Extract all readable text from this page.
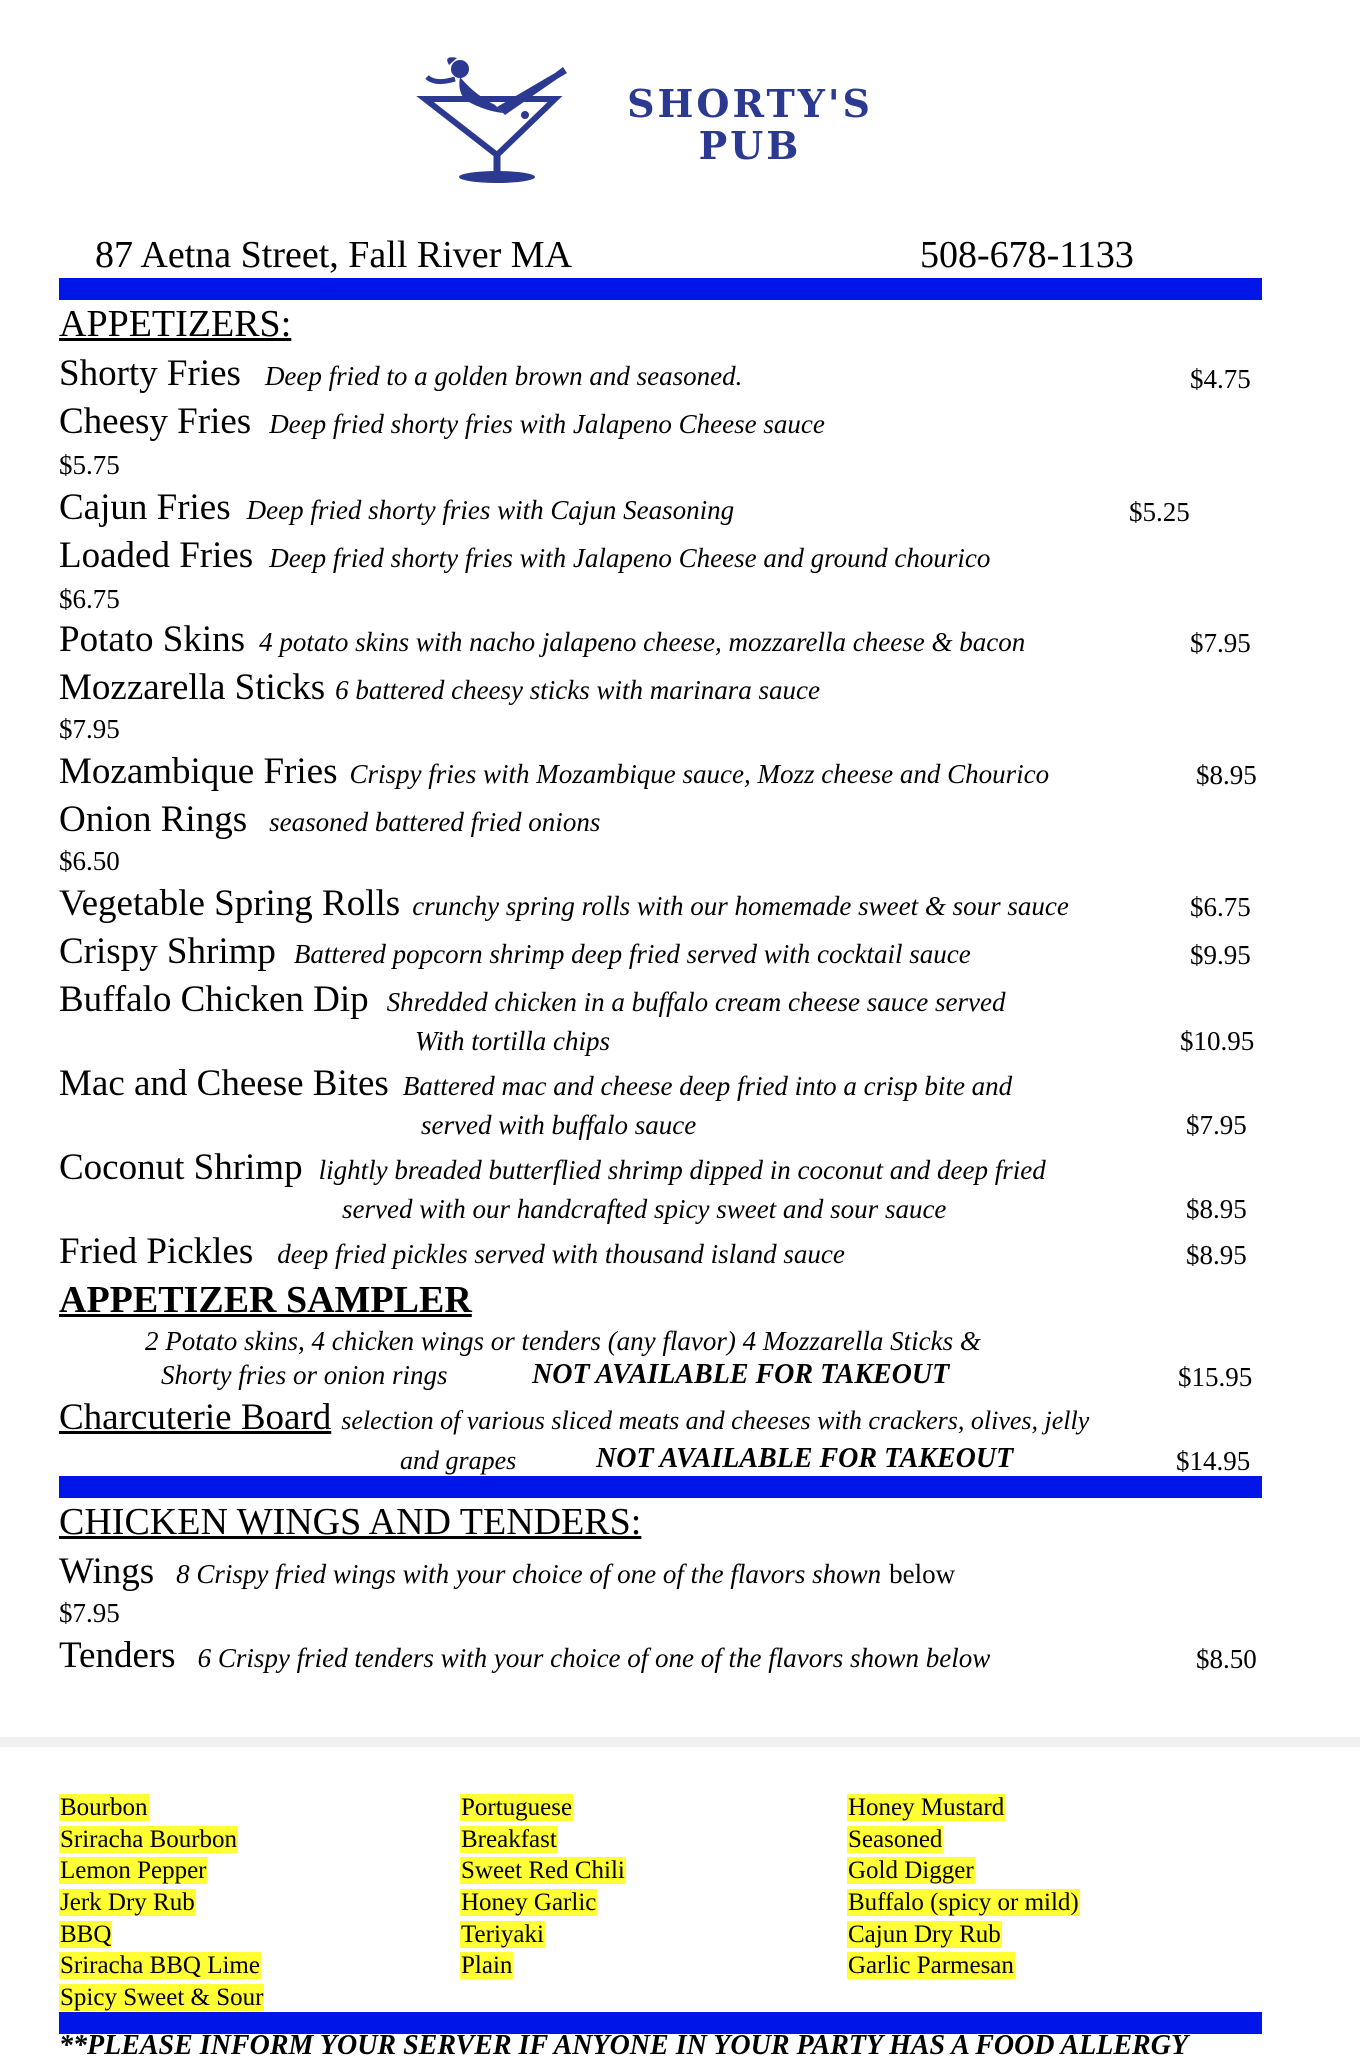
SHORTY'S
PUB
87 Aetna Street, Fall River MA	508-678-1133
APPETIZERS:
Shorty Fries Deep fried to a golden brown and seasoned.	$4.75
Cheesy Fries Deep fried shorty fries with Jalapeno Cheese sauce
$5.75
Cajun Fries Deep fried shorty fries with Cajun Seasoning	$5.25
Loaded Fries Deep fried shorty fries with Jalapeno Cheese and ground chourico
$6.75
Potato Skins 4 potato skins with nacho jalapeno cheese, mozzarella cheese & bacon	$7.95
Mozzarella Sticks 6 battered cheesy sticks with marinara sauce
$7.95
Mozambique Fries Crispy fries with Mozambique sauce, Mozz cheese and Chourico	$8.95
Onion Rings seasoned battered fried onions
$6.50
Vegetable Spring Rolls crunchy spring rolls with our homemade sweet & sour sauce	$6.75
Crispy Shrimp Battered popcorn shrimp deep fried served with cocktail sauce	$9.95
Buffalo Chicken Dip Shredded chicken in a buffalo cream cheese sauce served
With tortilla chips	$10.95
Mac and Cheese Bites Battered mac and cheese deep fried into a crisp bite and
served with buffalo sauce	$7.95
Coconut Shrimp lightly breaded butterflied shrimp dipped in coconut and deep fried
served with our handcrafted spicy sweet and sour sauce	$8.95
Fried Pickles deep fried pickles served with thousand island sauce	$8.95
APPETIZER SAMPLER
2 Potato skins, 4 chicken wings or tenders (any flavor) 4 Mozzarella Sticks &
Shorty fries or onion rings	NOT AVAILABLE FOR TAKEOUT	$15.95
Charcuterie Board selection of various sliced meats and cheeses with crackers, olives, jelly
and grapes	NOT AVAILABLE FOR TAKEOUT	$14.95
CHICKEN WINGS AND TENDERS:
Wings 8 Crispy fried wings with your choice of one of the flavors shown below
$7.95
Tenders 6 Crispy fried tenders with your choice of one of the flavors shown below	$8.50
Bourbon
Sriracha Bourbon
Lemon Pepper
Jerk Dry Rub
BBQ
Sriracha BBQ Lime
Spicy Sweet & Sour
Portuguese
Breakfast
Sweet Red Chili
Honey Garlic
Teriyaki
Plain
Honey Mustard
Seasoned
Gold Digger
Buffalo (spicy or mild)
Cajun Dry Rub
Garlic Parmesan
**PLEASE INFORM YOUR SERVER IF ANYONE IN YOUR PARTY HAS A FOOD ALLERGY
